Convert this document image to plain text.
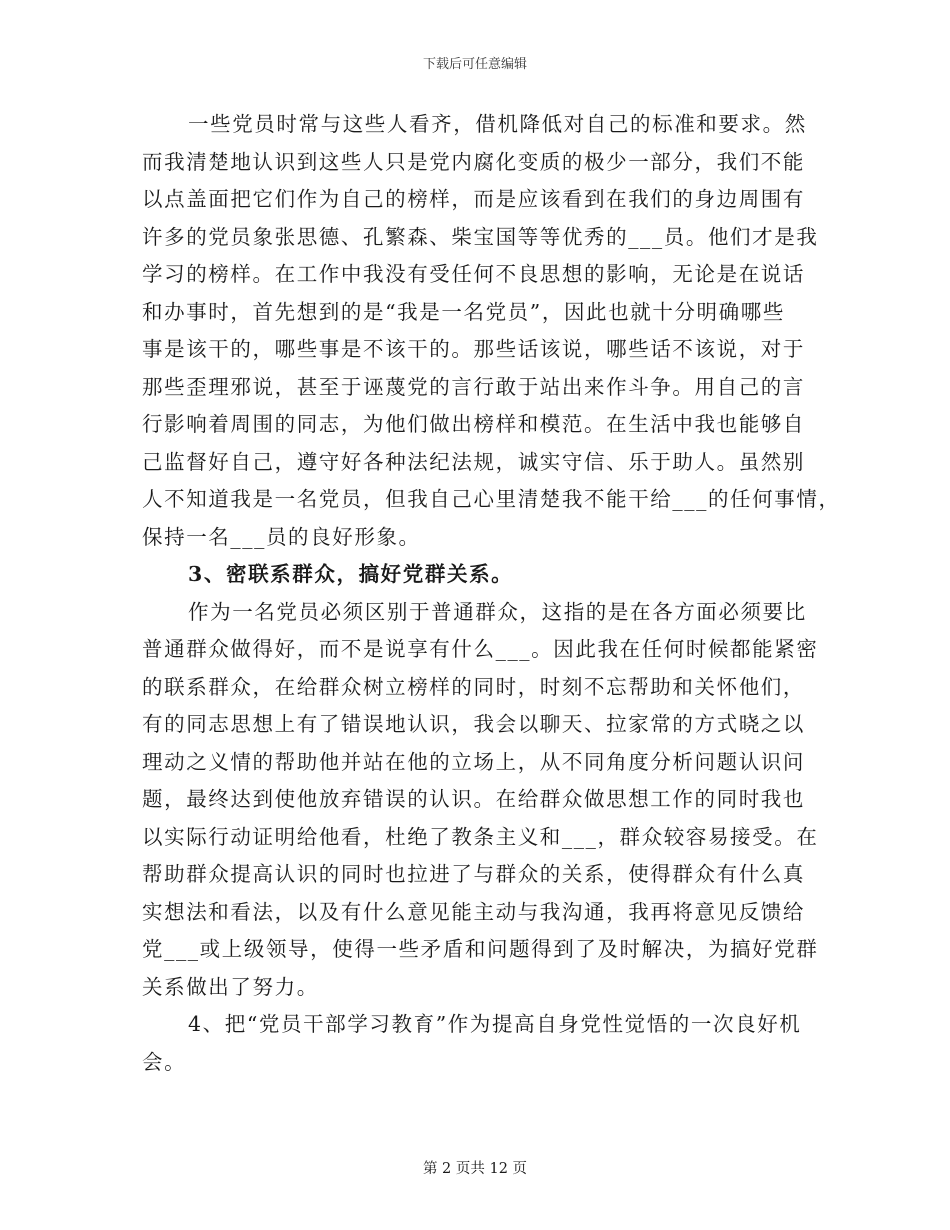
下载后可任意编辑

一些党员时常与这些人看齐，借机降低对自己的标准和要求。然

而我清楚地认识到这些人只是党内腐化变质的极少一部分，我们不能

以点盖面把它们作为自己的榜样，而是应该看到在我们的身边周围有

许多的党员象张思德、孔繁森、柴宝国等等优秀的___员。他们才是我

学习的榜样。在工作中我没有受任何不良思想的影响，无论是在说话

和办事时，首先想到的是“我是一名党员”，因此也就十分明确哪些

事是该干的，哪些事是不该干的。那些话该说，哪些话不该说，对于

那些歪理邪说，甚至于诬蔑党的言行敢于站出来作斗争。用自己的言

行影响着周围的同志，为他们做出榜样和模范。在生活中我也能够自

己监督好自己，遵守好各种法纪法规，诚实守信、乐于助人。虽然别

人不知道我是一名党员，但我自己心里清楚我不能干给___的任何事情，

保持一名___员的良好形象。

3、密联系群众，搞好党群关系。

作为一名党员必须区别于普通群众，这指的是在各方面必须要比

普通群众做得好，而不是说享有什么___。因此我在任何时候都能紧密

的联系群众，在给群众树立榜样的同时，时刻不忘帮助和关怀他们，

有的同志思想上有了错误地认识，我会以聊天、拉家常的方式晓之以

理动之义情的帮助他并站在他的立场上，从不同角度分析问题认识问

题，最终达到使他放弃错误的认识。在给群众做思想工作的同时我也

以实际行动证明给他看，杜绝了教条主义和___，群众较容易接受。在

帮助群众提高认识的同时也拉进了与群众的关系，使得群众有什么真

实想法和看法，以及有什么意见能主动与我沟通，我再将意见反馈给

党___或上级领导，使得一些矛盾和问题得到了及时解决，为搞好党群

关系做出了努力。

4、把“党员干部学习教育”作为提高自身党性觉悟的一次良好机

会。

第 2 页共 12 页
